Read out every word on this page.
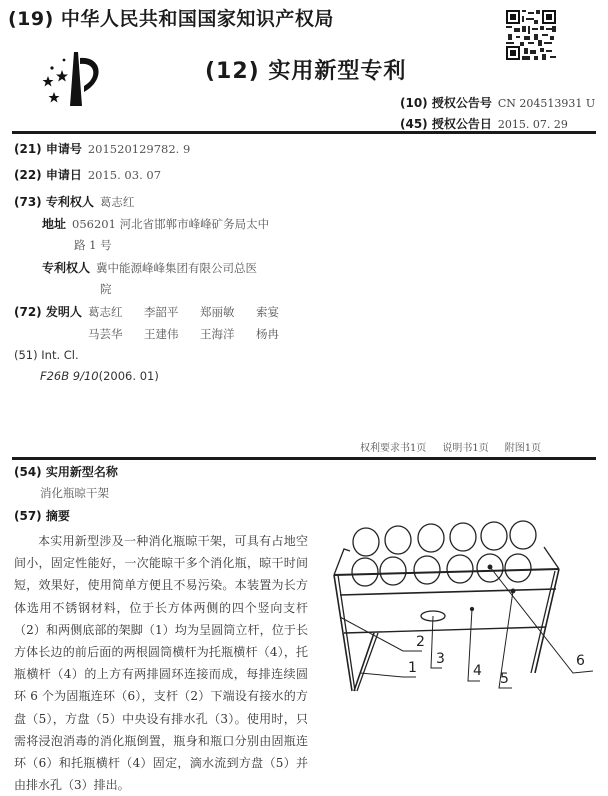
(19) 中华人民共和国国家知识产权局
(12) 实用新型专利
(10) 授权公告号 CN 204513931 U
(45) 授权公告日 2015. 07. 29
(21) 申请号 201520129782. 9
(22) 申请日 2015. 03. 07
(73) 专利权人 葛志红
地址 056201 河北省邯郸市峰峰矿务局太中
路 1 号
专利权人 冀中能源峰峰集团有限公司总医
院
(72) 发明人 葛志红 李韶平 郑丽敏 索宴
马芸华 王建伟 王海洋 杨冉
(51) Int. Cl.
F26B 9/10(2006. 01)
权利要求书1页 说明书1页 附图1页
(54) 实用新型名称
消化瓶晾干架
(57) 摘要
本实用新型涉及一种消化瓶晾干架，可具有占地空间小，固定性能好，一次能晾干多个消化瓶，晾干时间短，效果好，使用简单方便且不易污染。本装置为长方体选用不锈钢材料，位于长方体两侧的四个竖向支杆（2）和两侧底部的架脚（1）均为呈圆筒立杆，位于长方体长边的前后面的两根圆筒横杆为托瓶横杆（4），托瓶横杆（4）的上方有两排圆环连接而成，每排连续圆环 6 个为固瓶连环（6），支杆（2）下端设有接水的方盘（5），方盘（5）中央设有排水孔（3）。使用时，只需将浸泡消毒的消化瓶倒置，瓶身和瓶口分别由固瓶连环（6）和托瓶横杆（4）固定，滴水流到方盘（5）并由排水孔（3）排出。
1
2
3
4 5
6
